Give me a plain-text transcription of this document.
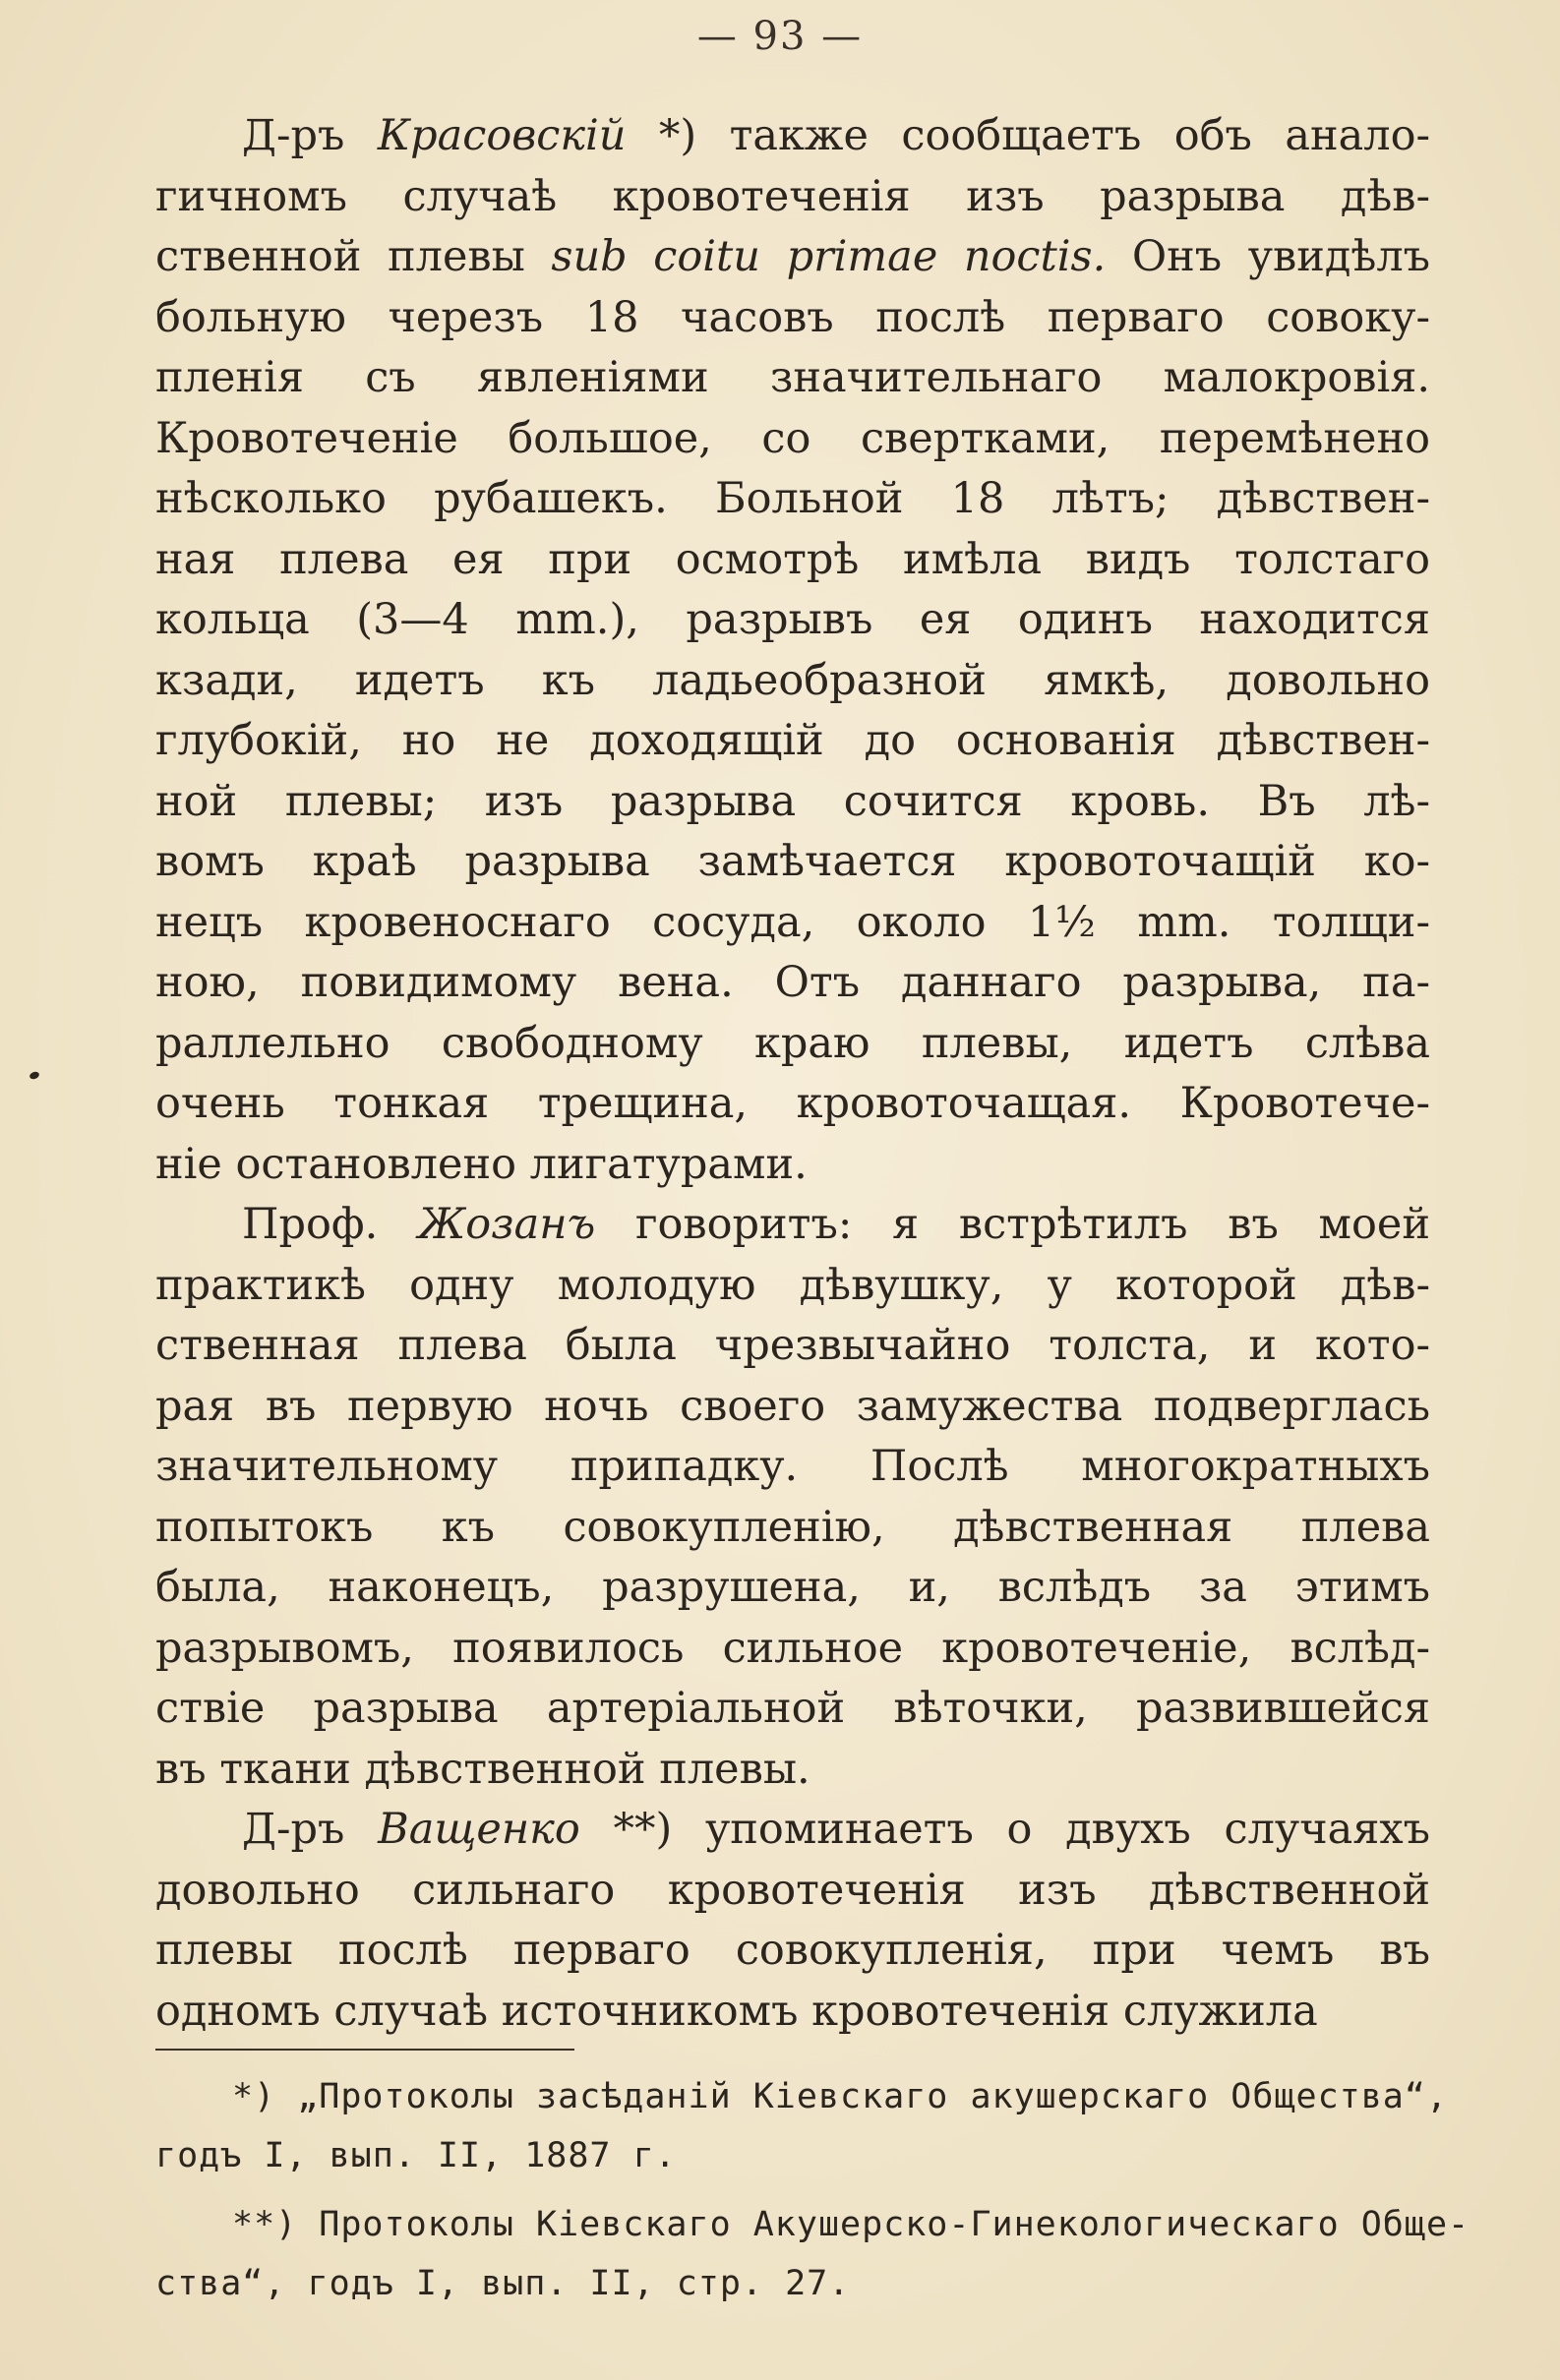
— 93 —
Д-ръ Красовскій *) также сообщаетъ объ анало-
гичномъ случаѣ кровотеченія изъ разрыва дѣв-
ственной плевы sub coitu primae noctis. Онъ увидѣлъ
больную черезъ 18 часовъ послѣ перваго совоку-
пленія съ явленіями значительнаго малокровія.
Кровотеченіе большое, со свертками, перемѣнено
нѣсколько рубашекъ. Больной 18 лѣтъ; дѣвствен-
ная плева ея при осмотрѣ имѣла видъ толстаго
кольца (3—4 mm.), разрывъ ея одинъ находится
кзади, идетъ къ ладьеобразной ямкѣ, довольно
глубокій, но не доходящій до основанія дѣвствен-
ной плевы; изъ разрыва сочится кровь. Въ лѣ-
вомъ краѣ разрыва замѣчается кровоточащій ко-
нецъ кровеноснаго сосуда, около 1½ mm. толщи-
ною, повидимому вена. Отъ даннаго разрыва, па-
раллельно свободному краю плевы, идетъ слѣва
очень тонкая трещина, кровоточащая. Кровотече-
ніе остановлено лигатурами.
Проф. Жозанъ говоритъ: я встрѣтилъ въ моей
практикѣ одну молодую дѣвушку, у которой дѣв-
ственная плева была чрезвычайно толста, и кото-
рая въ первую ночь своего замужества подверглась
значительному припадку. Послѣ многократныхъ
попытокъ къ совокупленію, дѣвственная плева
была, наконецъ, разрушена, и, вслѣдъ за этимъ
разрывомъ, появилось сильное кровотеченіе, вслѣд-
ствіе разрыва артеріальной вѣточки, развившейся
въ ткани дѣвственной плевы.
Д-ръ Ващенко **) упоминаетъ о двухъ случаяхъ
довольно сильнаго кровотеченія изъ дѣвственной
плевы послѣ перваго совокупленія, при чемъ въ
одномъ случаѣ источникомъ кровотеченія служила
*) „Протоколы засѣданій Кіевскаго акушерскаго Общества“,
годъ I, вып. II, 1887 г.
**) Протоколы Кіевскаго Акушерско-Гинекологическаго Обще-
ства“, годъ I, вып. II, стр. 27.
